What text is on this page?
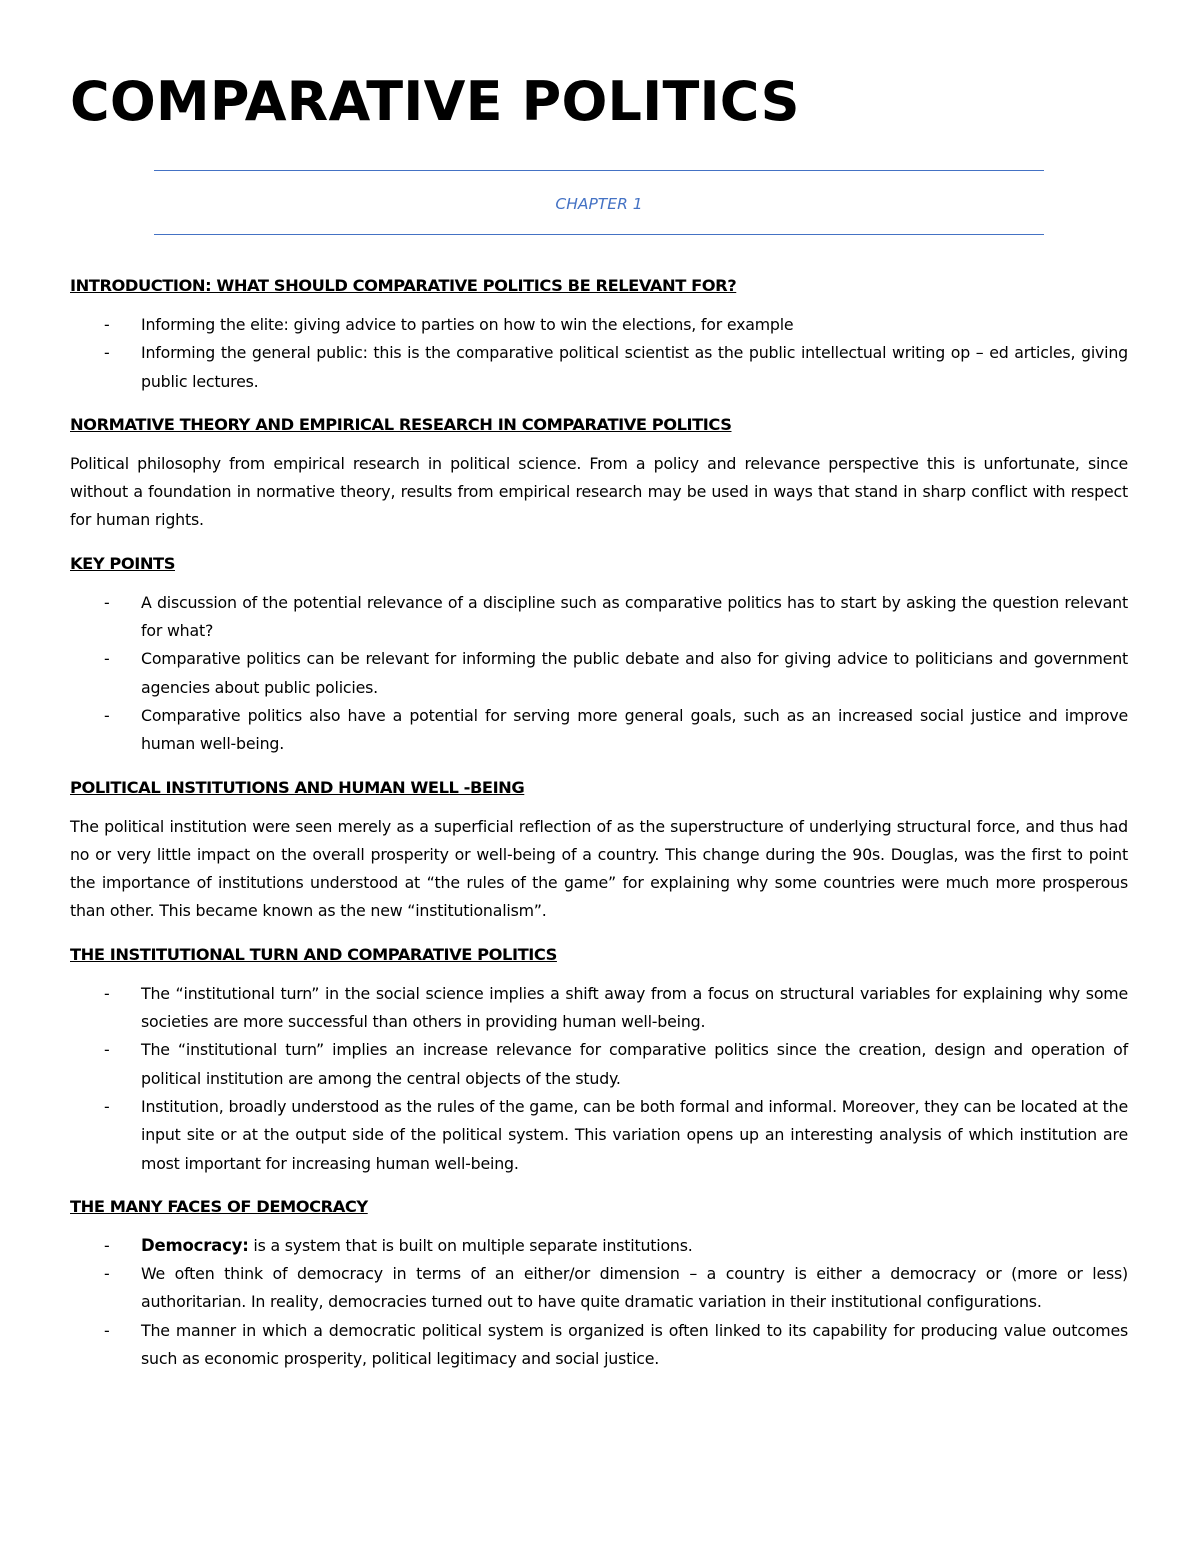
COMPARATIVE POLITICS
CHAPTER 1
INTRODUCTION: WHAT SHOULD COMPARATIVE POLITICS BE RELEVANT FOR?
- Informing the elite: giving advice to parties on how to win the elections, for example
- Informing the general public: this is the comparative political scientist as the public intellectual writing op – ed articles, giving public lectures.
NORMATIVE THEORY AND EMPIRICAL RESEARCH IN COMPARATIVE POLITICS

Political philosophy from empirical research in political science. From a policy and relevance perspective this is unfortunate, since without a foundation in normative theory, results from empirical research may be used in ways that stand in sharp conflict with respect for human rights.

KEY POINTS
- A discussion of the potential relevance of a discipline such as comparative politics has to start by asking the question relevant for what?
- Comparative politics can be relevant for informing the public debate and also for giving advice to politicians and government agencies about public policies.
- Comparative politics also have a potential for serving more general goals, such as an increased social justice and improve human well-being.
POLITICAL INSTITUTIONS AND HUMAN WELL -BEING

The political institution were seen merely as a superficial reflection of as the superstructure of underlying structural force, and thus had no or very little impact on the overall prosperity or well-being of a country. This change during the 90s. Douglas, was the first to point the importance of institutions understood at “the rules of the game” for explaining why some countries were much more prosperous than other. This became known as the new “institutionalism”.

THE INSTITUTIONAL TURN AND COMPARATIVE POLITICS
- The “institutional turn” in the social science implies a shift away from a focus on structural variables for explaining why some societies are more successful than others in providing human well-being.
- The “institutional turn” implies an increase relevance for comparative politics since the creation, design and operation of political institution are among the central objects of the study.
- Institution, broadly understood as the rules of the game, can be both formal and informal. Moreover, they can be located at the input site or at the output side of the political system. This variation opens up an interesting analysis of which institution are most important for increasing human well-being.
THE MANY FACES OF DEMOCRACY
- Democracy: is a system that is built on multiple separate institutions.
- We often think of democracy in terms of an either/or dimension – a country is either a democracy or (more or less) authoritarian. In reality, democracies turned out to have quite dramatic variation in their institutional configurations.
- The manner in which a democratic political system is organized is often linked to its capability for producing value outcomes such as economic prosperity, political legitimacy and social justice.
